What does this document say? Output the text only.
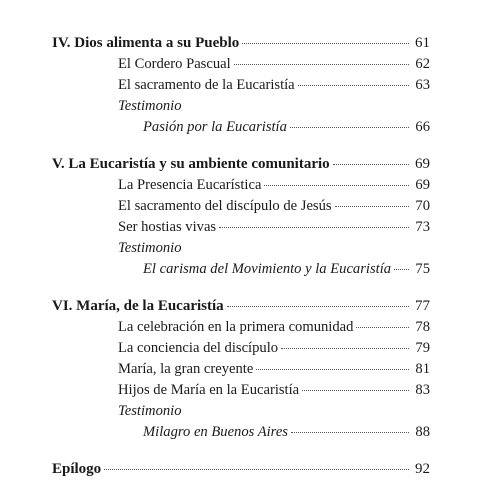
IV. Dios alimenta a su Pueblo	61
El Cordero Pascual	62
El sacramento de la Eucaristía	63
Testimonio
Pasión por la Eucaristía	66
V. La Eucaristía y su ambiente comunitario	69
La Presencia Eucarística	69
El sacramento del discípulo de Jesús	70
Ser hostias vivas	73
Testimonio
El carisma del Movimiento y la Eucaristía 75
VI. María, de la Eucaristía	77
La celebración en la primera comunidad	78
La conciencia del discípulo	79
María, la gran creyente	81
Hijos de María en la Eucaristía	83
Testimonio
Milagro en Buenos Aires	88
Epílogo	92
